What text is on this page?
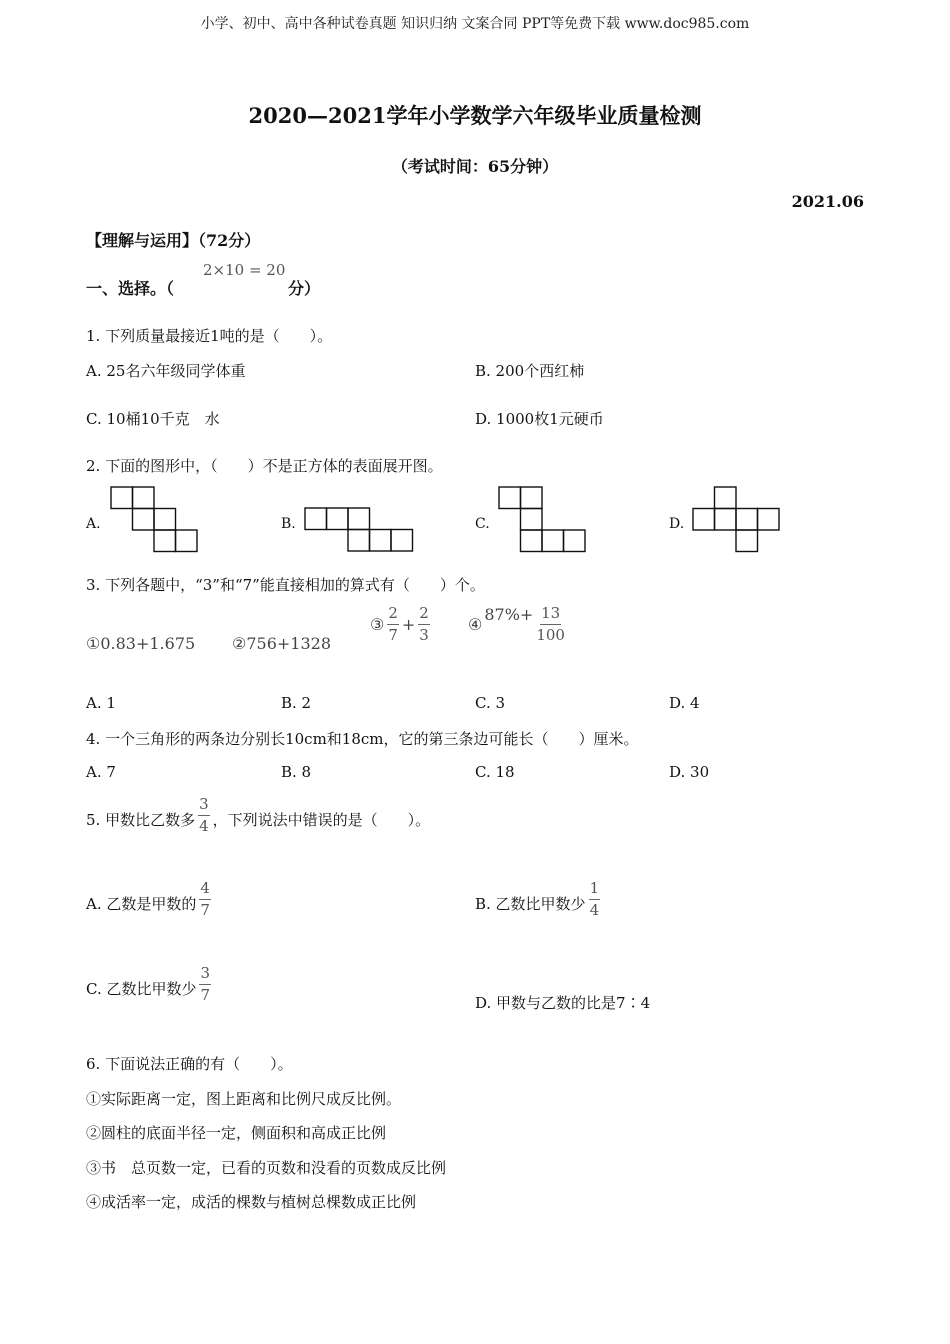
小学、初中、高中各种试卷真题 知识归纳 文案合同 PPT等免费下载 www.doc985.com
2020—2021学年小学数学六年级毕业质量检测
（考试时间：65分钟）
2021.06
【理解与运用】（72分）
一、选择。（
2×10 = 20
分）
1. 下列质量最接近1吨的是（　　）。
A. 25名六年级同学体重	B. 200个西红柿
C. 10桶10千克　水	D. 1000枚1元硬币
2. 下面的图形中，（　　）不是正方体的表面展开图。
A.	B.	C.	D.
3. 下列各题中，“3”和“7”能直接相加的算式有（　　）个。
①0.83+1.675 ②756+1328
③ $\frac{2}{7} + \frac{2}{3}$ ④
$87\%+ \frac{13}{100}$
A. 1	B. 2	C. 3	D. 4
4. 一个三角形的两条边分别长10cm和18cm，它的第三条边可能长（　　）厘米。
A. 7	B. 8	C. 18	D. 30
5. 甲数比乙数多 $\frac{3}{4}$ ，下列说法中错误的是（　　）。
A. 乙数是甲数的 $\frac{4}{7}$	B. 乙数比甲数少 $\frac{1}{4}$
C. 乙数比甲数少 $\frac{3}{7}$	D. 甲数与乙数的比是7∶4
6. 下面说法正确的有（　　）。
①实际距离一定，图上距离和比例尺成反比例。
②圆柱的底面半径一定，侧面积和高成正比例
③书　总页数一定，已看的页数和没看的页数成反比例
④成活率一定，成活的棵数与植树总棵数成正比例
